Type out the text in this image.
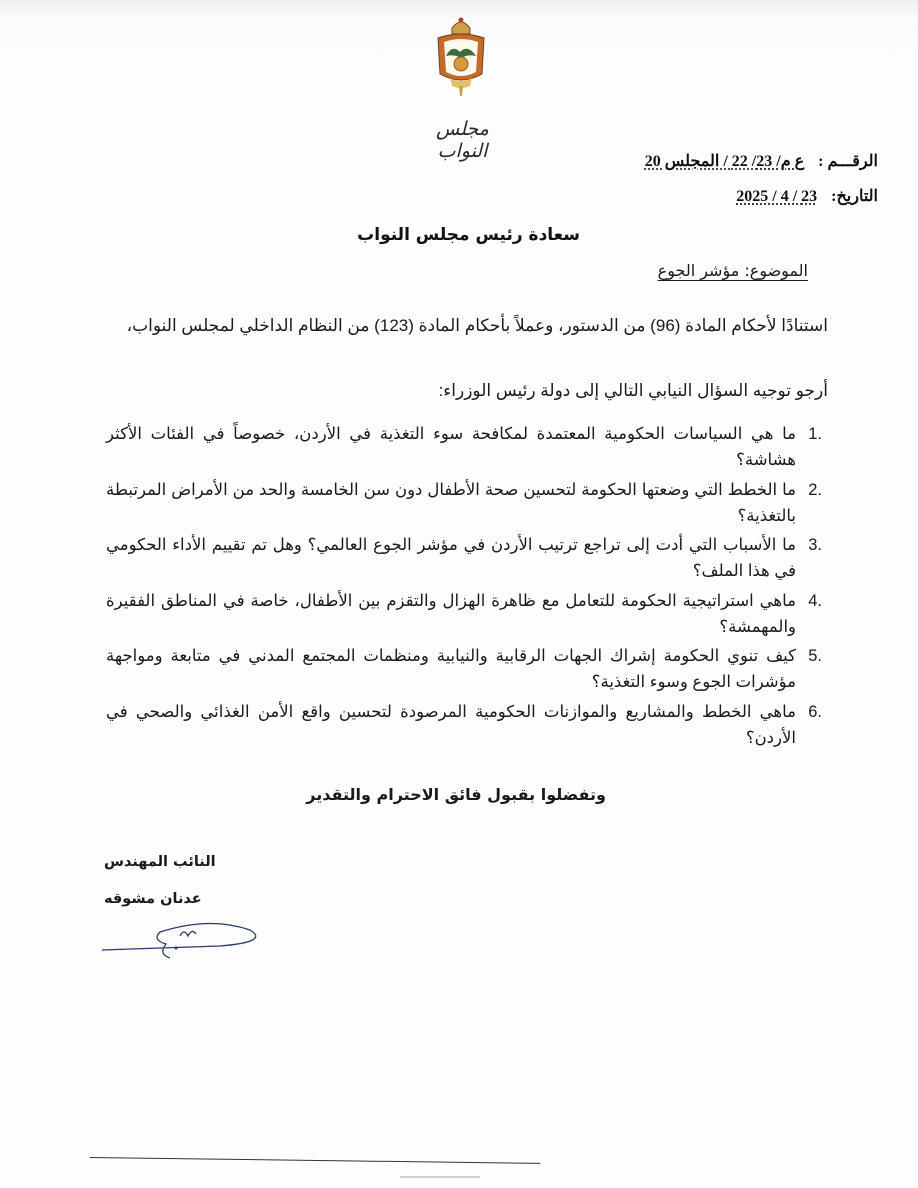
مجلس النواب	الرقـــم : ع م/ 23/ 22 / المجلس 20
التاريخ: 23 / 4 / 2025
سعادة رئيس مجلس النواب
الموضوع: مؤشر الجوع
استنادًا لأحكام المادة (96) من الدستور، وعملاً بأحكام المادة (123) من النظام الداخلي لمجلس النواب،
أرجو توجيه السؤال النيابي التالي إلى دولة رئيس الوزراء:
1.
ما هي السياسات الحكومية المعتمدة لمكافحة سوء التغذية في الأردن، خصوصاً في الفئات الأكثر هشاشة؟
2.
ما الخطط التي وضعتها الحكومة لتحسين صحة الأطفال دون سن الخامسة والحد من الأمراض المرتبطة بالتغذية؟
3.
ما الأسباب التي أدت إلى تراجع ترتيب الأردن في مؤشر الجوع العالمي؟ وهل تم تقييم الأداء الحكومي في هذا الملف؟
4.
ماهي استراتيجية الحكومة للتعامل مع ظاهرة الهزال والتقزم بين الأطفال، خاصة في المناطق الفقيرة والمهمشة؟
5.
كيف تنوي الحكومة إشراك الجهات الرقابية والنيابية ومنظمات المجتمع المدني في متابعة ومواجهة مؤشرات الجوع وسوء التغذية؟
6.
ماهي الخطط والمشاريع والموازنات الحكومية المرصودة لتحسين واقع الأمن الغذائي والصحي في الأردن؟
وتفضلوا بقبول فائق الاحترام والتقدير
النائب المهندس
عدنان مشوقه
